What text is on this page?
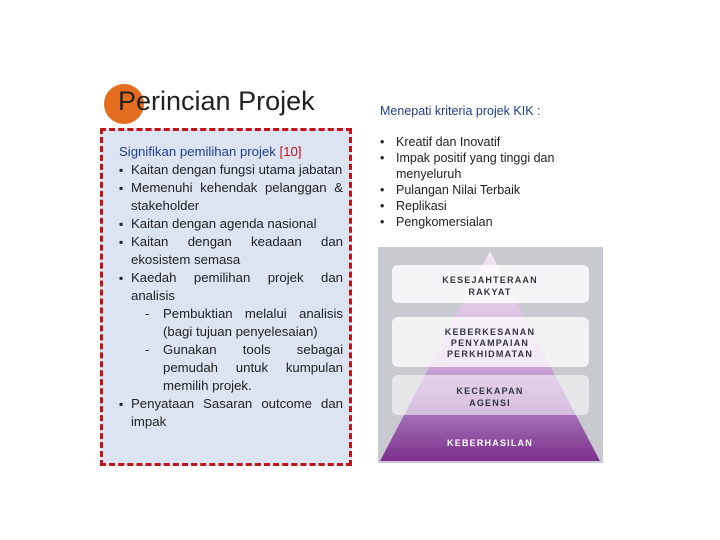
Perincian Projek
Signifikan pemilihan projek [10]
▪ Kaitan dengan fungsi utama jabatan
▪ Memenuhi kehendak pelanggan & stakeholder
▪ Kaitan dengan agenda nasional
▪ Kaitan dengan keadaan dan ekosistem semasa
▪ Kaedah pemilihan projek dan analisis
- Pembuktian melalui analisis (bagi tujuan penyelesaian)
- Gunakan tools sebagai pemudah untuk kumpulan memilih projek.
▪ Penyataan Sasaran outcome dan impak
Menepati kriteria projek KIK :
• Kreatif dan Inovatif
• Impak positif yang tinggi dan menyeluruh
• Pulangan Nilai Terbaik
• Replikasi
• Pengkomersialan
KESEJAHTERAAN
RAKYAT
KEBERKESANAN
PENYAMPAIAN
PERKHIDMATAN
KECEKAPAN
AGENSI
KEBERHASILAN
